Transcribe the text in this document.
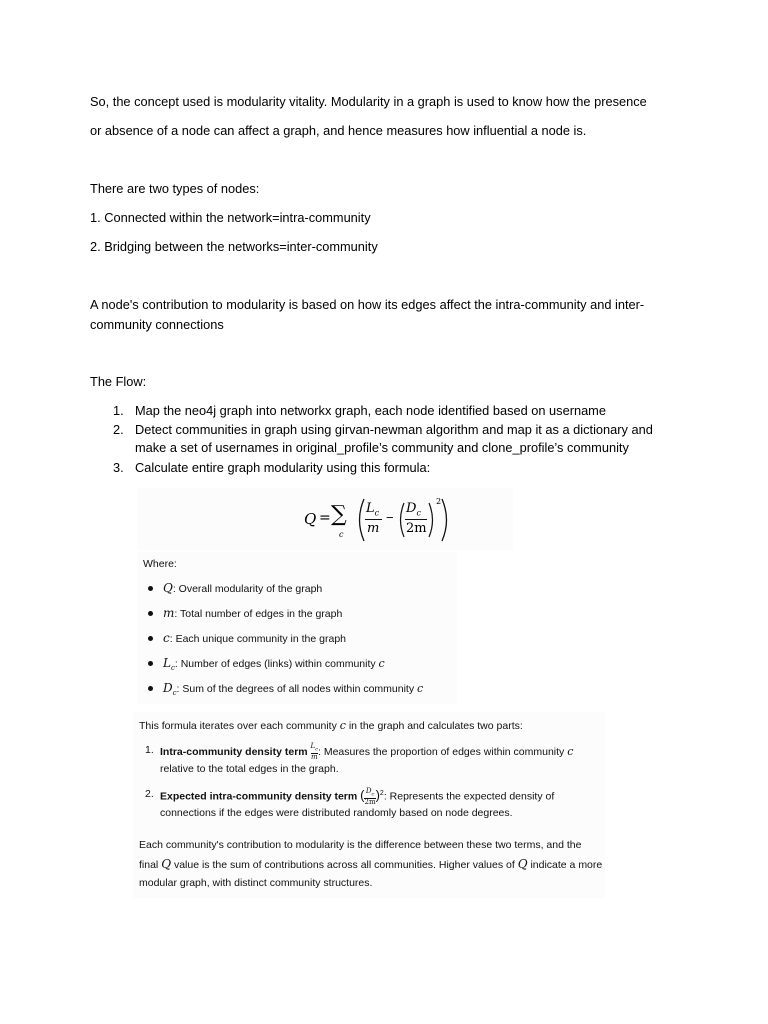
So, the concept used is modularity vitality. Modularity in a graph is used to know how the presence
or absence of a node can affect a graph, and hence measures how influential a node is.
There are two types of nodes:
1. Connected within the network=intra-community
2. Bridging between the networks=inter-community
A node's contribution to modularity is based on how its edges affect the intra-community and inter-
community connections
The Flow:
1. Map the neo4j graph into networkx graph, each node identified based on username
2. Detect communities in graph using girvan-newman algorithm and map it as a dictionary and
make a set of usernames in original_profile’s community and clone_profile’s community
3. Calculate entire graph modularity using this formula:
Q = ∑
c
$L_c$
m
−
$D_c$
2m
2
Where:
Q: Overall modularity of the graph
m: Total number of edges in the graph
c: Each unique community in the graph
$L_c$: Number of edges (links) within community c
$D_c$: Sum of the degrees of all nodes within community c
This formula iterates over each community c in the graph and calculates two parts:
1. Intra-community density term $\frac{L_c}{m}$ : Measures the proportion of edges within community c
relative to the total edges in the graph.
2. Expected intra-community density term ( $\frac{D_c}{2m} )^2$: Represents the expected density of
connections if the edges were distributed randomly based on node degrees.
Each community's contribution to modularity is the difference between these two terms, and the
final Q value is the sum of contributions across all communities. Higher values of Q indicate a more
modular graph, with distinct community structures.
